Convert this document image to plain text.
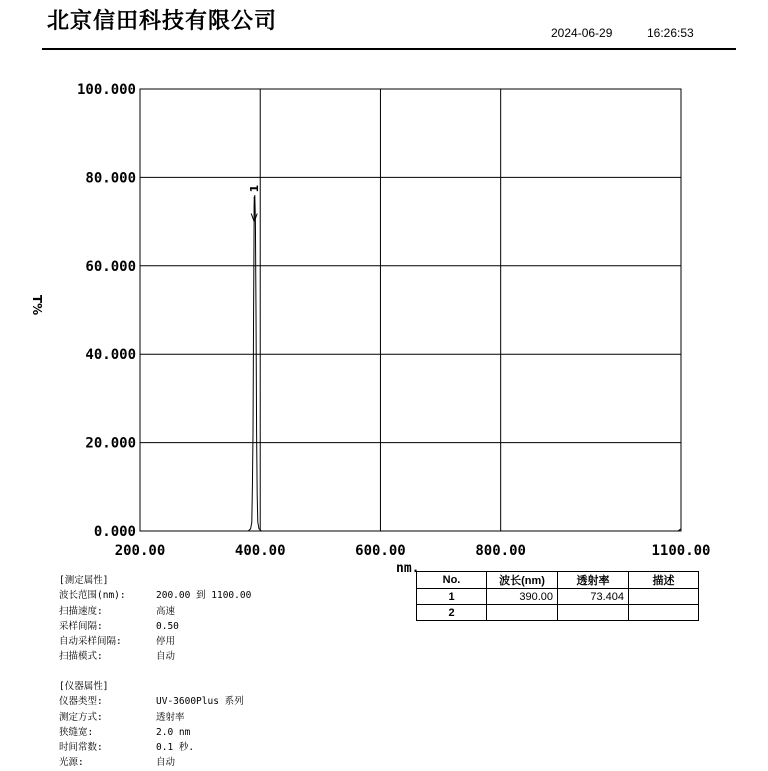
北京信田科技有限公司	2024-06-29	16:26:53
0.000
20.000
40.000
60.000
80.000
100.000
200.00	400.00	600.00	800.00	1100.00
1
T%
nm.
[测定属性]
波长范围(nm):	200.00 到 1100.00
扫描速度:	高速
采样间隔:	0.50
自动采样间隔:	停用
扫描模式:	自动
[仪器属性]
仪器类型:	UV-3600Plus 系列
测定方式:	透射率
狭缝宽:	2.0 nm
时间常数:	0.1 秒.
光源:	自动
No.	波长(nm)	透射率	描述
1	390.00	73.404	
2			
